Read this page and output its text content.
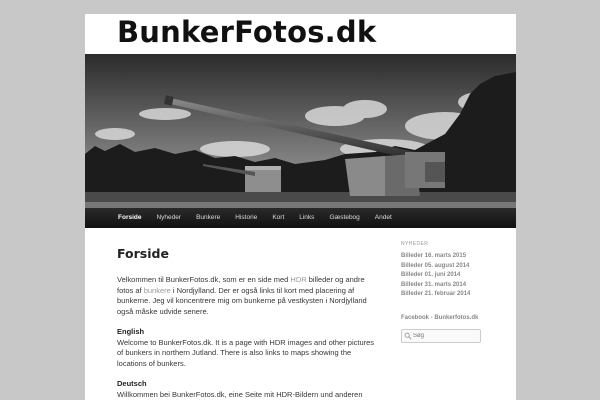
BunkerFotos.dk
Forside	Nyheder	Bunkere	Historie	Kort	Links	Gæstebog	Andet
Forside

Velkommen til BunkerFotos.dk, som er en side med HDR billeder og andre fotos af bunkere i Nordjylland. Der er også links til kort med placering af bunkerne. Jeg vil koncentrere mig om bunkerne på vestkysten i Nordjylland også måske udvide senere.

English
Welcome to BunkerFotos.dk. It is a page with HDR images and other pictures of bunkers in northern Jutland. There is also links to maps showing the locations of bunkers.

Deutsch
Willkommen bei BunkerFotos.dk, eine Seite mit HDR-Bildern und anderen

NYHEDER
Billeder 16. marts 2015
Billeder 05. august 2014
Billeder 01. juni 2014
Billeder 31. marts 2014
Billeder 21. februar 2014
Facebook - Bunkerfotos.dk
Søg
